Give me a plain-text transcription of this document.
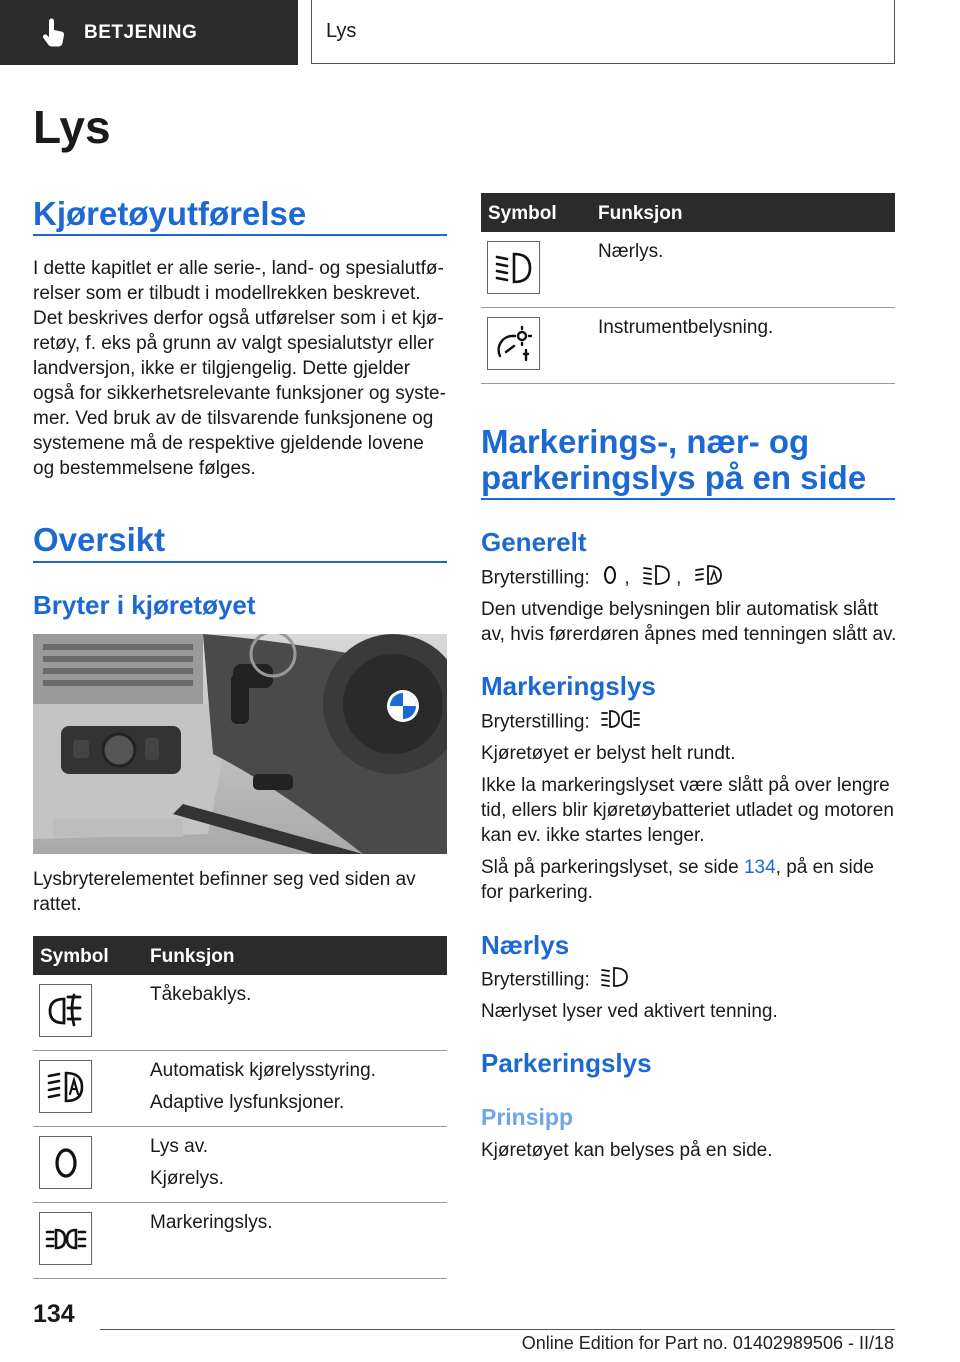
BETJENING	Lys
Lys
Kjøretøyutførelse
I dette kapitlet er alle serie-, land- og spesialutfø-
relser som er tilbudt i modellrekken beskrevet.
Det beskrives derfor også utførelser som i et kjø-
retøy, f. eks på grunn av valgt spesialutstyr eller
landversjon, ikke er tilgjengelig. Dette gjelder
også for sikkerhetsrelevante funksjoner og syste-
mer. Ved bruk av de tilsvarende funksjonene og
systemene må de respektive gjeldende lovene
og bestemmelsene følges.
Oversikt
Bryter i kjøretøyet
Lysbryterelementet befinner seg ved siden av
rattet.
Symbol Funksjon
Tåkebaklys.
Automatisk kjørelysstyring.
Adaptive lysfunksjoner.
Lys av.
Kjørelys.
Markeringslys.
Symbol Funksjon
Nærlys.
Instrumentbelysning.
Markerings-, nær- og
parkeringslys på en side
Generelt
Bryterstilling: , ,
Den utvendige belysningen blir automatisk slått
av, hvis førerdøren åpnes med tenningen slått av.
Markeringslys
Bryterstilling:
Kjøretøyet er belyst helt rundt.
Ikke la markeringslyset være slått på over lengre
tid, ellers blir kjøretøybatteriet utladet og motoren
kan ev. ikke startes lenger.
Slå på parkeringslyset, se side 134, på en side
for parkering.
Nærlys
Bryterstilling:
Nærlyset lyser ved aktivert tenning.
Parkeringslys
Prinsipp
Kjøretøyet kan belyses på en side.
134
Online Edition for Part no. 01402989506 - II/18
